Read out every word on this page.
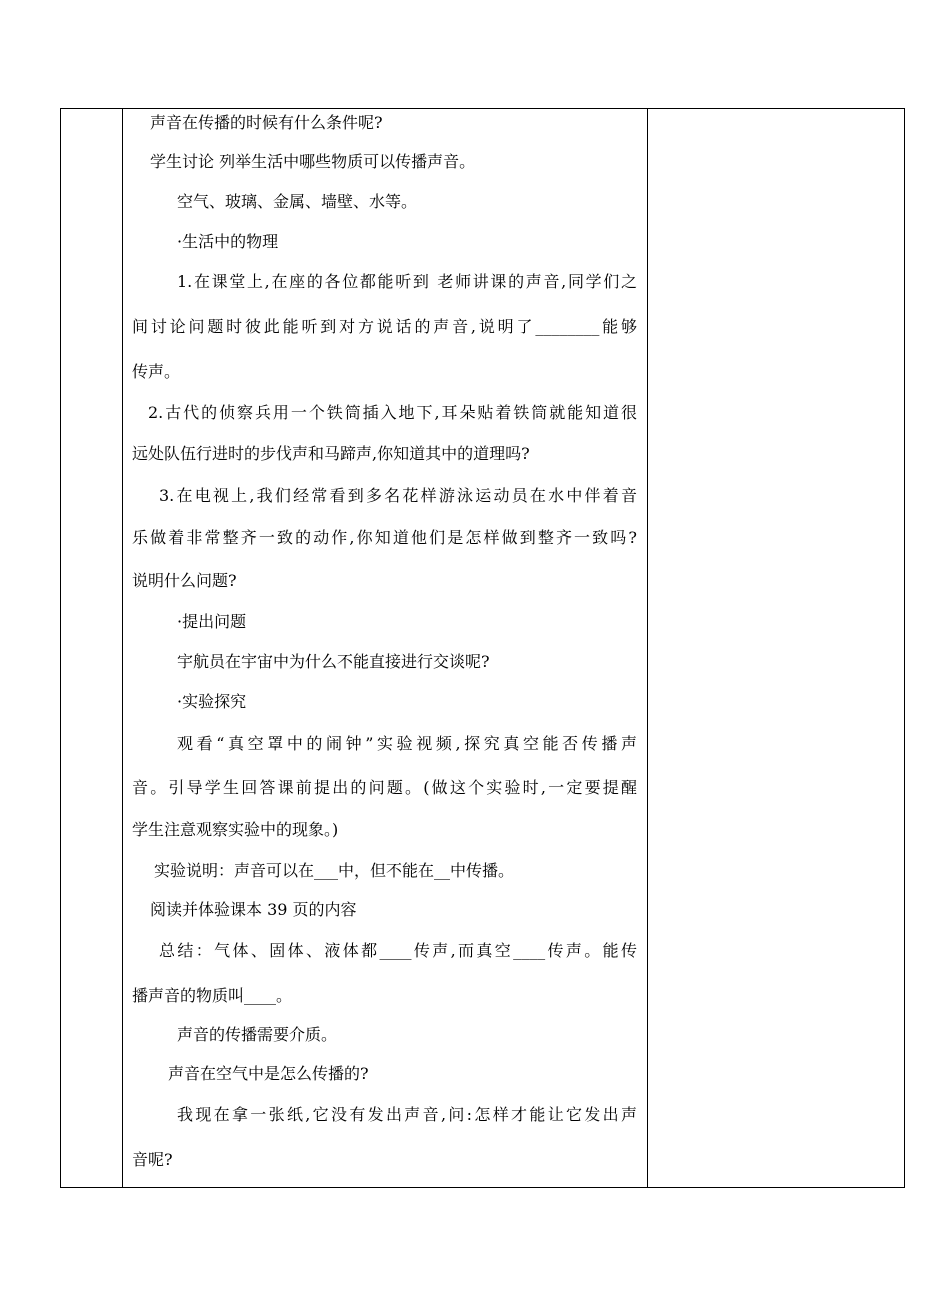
声音在传播的时候有什么条件呢?
学生讨论 列举生活中哪些物质可以传播声音。
空气、玻璃、金属、墙壁、水等。
·生活中的物理
1.在课堂上,在座的各位都能听到 老师讲课的声音,同学们之
间讨论问题时彼此能听到对方说话的声音,说明了________能够
传声。
2.古代的侦察兵用一个铁筒插入地下,耳朵贴着铁筒就能知道很
远处队伍行进时的步伐声和马蹄声,你知道其中的道理吗?
3.在电视上,我们经常看到多名花样游泳运动员在水中伴着音
乐做着非常整齐一致的动作,你知道他们是怎样做到整齐一致吗?
说明什么问题?
·提出问题
宇航员在宇宙中为什么不能直接进行交谈呢?
·实验探究
观看“真空罩中的闹钟”实验视频,探究真空能否传播声
音。引导学生回答课前提出的问题。(做这个实验时,一定要提醒
学生注意观察实验中的现象。)
实验说明：声音可以在___中，但不能在__中传播。
阅读并体验课本 39 页的内容
总结：气体、固体、液体都____传声,而真空____传声。能传
播声音的物质叫____。
声音的传播需要介质。
声音在空气中是怎么传播的?
我现在拿一张纸,它没有发出声音,问:怎样才能让它发出声
音呢?
